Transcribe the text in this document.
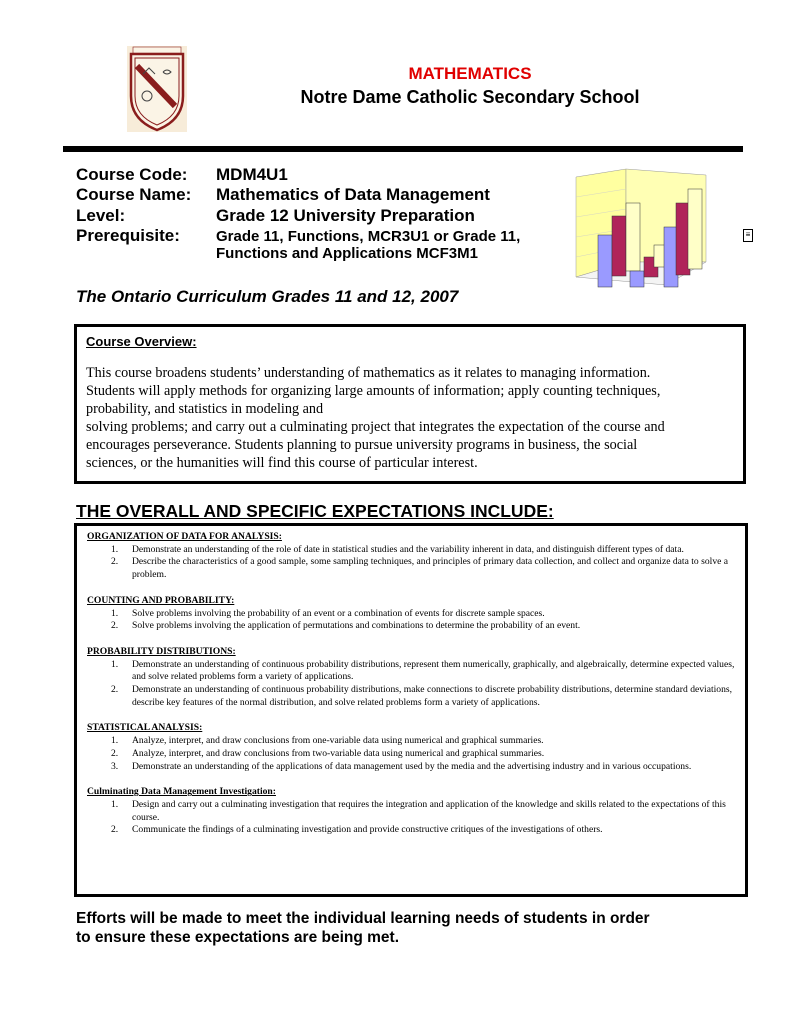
MATHEMATICS
Notre Dame Catholic Secondary School
Course Code: MDM4U1
Course Name: Mathematics of Data Management
Level:	Grade 12 University Preparation
Prerequisite: Grade 11, Functions, MCR3U1 or Grade 11,
Functions and Applications MCF3M1
≡
The Ontario Curriculum Grades 11 and 12, 2007
Course Overview:
This course broadens students’ understanding of mathematics as it relates to managing information.
Students will apply methods for organizing large amounts of information; apply counting techniques,
probability, and statistics in modeling and
solving problems; and carry out a culminating project that integrates the expectation of the course and
encourages perseverance. Students planning to pursue university programs in business, the social
sciences, or the humanities will find this course of particular interest.
THE OVERALL AND SPECIFIC EXPECTATIONS INCLUDE:
ORGANIZATION OF DATA FOR ANALYSIS:
1. Demonstrate an understanding of the role of date in statistical studies and the variability inherent in data, and distinguish different types of data.
2. Describe the characteristics of a good sample, some sampling techniques, and principles of primary data collection, and collect and organize data to solve a problem.
COUNTING AND PROBABILITY:
1. Solve problems involving the probability of an event or a combination of events for discrete sample spaces.
2. Solve problems involving the application of permutations and combinations to determine the probability of an event.
PROBABILITY DISTRIBUTIONS:
1. Demonstrate an understanding of continuous probability distributions, represent them numerically, graphically, and algebraically, determine expected values, and solve related problems form a variety of applications.
2. Demonstrate an understanding of continuous probability distributions, make connections to discrete probability distributions, determine standard deviations, describe key features of the normal distribution, and solve related problems form a variety of applications.
STATISTICAL ANALYSIS:
1. Analyze, interpret, and draw conclusions from one-variable data using numerical and graphical summaries.
2. Analyze, interpret, and draw conclusions from two-variable data using numerical and graphical summaries.
3. Demonstrate an understanding of the applications of data management used by the media and the advertising industry and in various occupations.
Culminating Data Management Investigation:
1. Design and carry out a culminating investigation that requires the integration and application of the knowledge and skills related to the expectations of this course.
2. Communicate the findings of a culminating investigation and provide constructive critiques of the investigations of others.
Efforts will be made to meet the individual learning needs of students in order
to ensure these expectations are being met.
